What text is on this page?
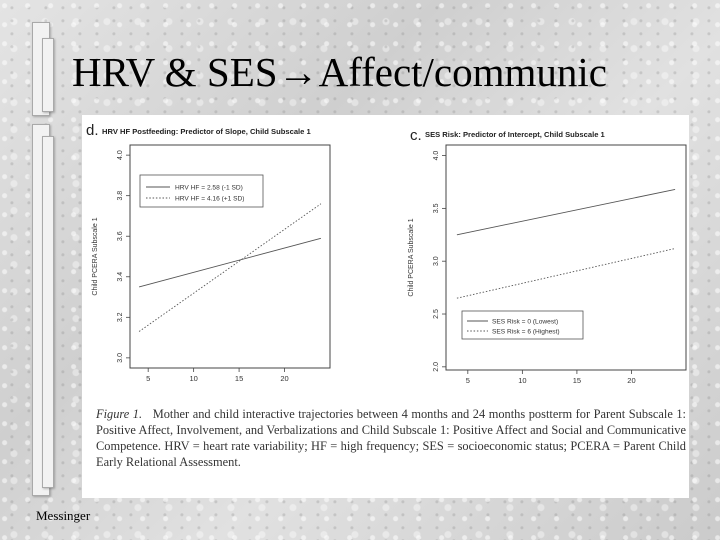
HRV & SES→Affect/communic
d. HRV HF Postfeeding: Predictor of Slope, Child Subscale 1
Child PCERA Subscale 1
3.0
3.2
3.4
3.6
3.8
4.0
5	10	15	20
HRV HF = 2.58 (-1 SD)
HRV HF = 4.16 (+1 SD)
c. SES Risk: Predictor of Intercept, Child Subscale 1
Child PCERA Subscale 1
2.0
2.5
3.0
3.5
4.0
5	10	15	20
SES Risk = 0 (Lowest)
SES Risk = 6 (Highest)
Figure 1. Mother and child interactive trajectories between 4 months and 24 months postterm for Parent Subscale 1: Positive Affect, Involvement, and Verbalizations and Child Subscale 1: Positive Affect and Social and Communicative Competence. HRV = heart rate variability; HF = high frequency; SES = socioeconomic status; PCERA = Parent Child Early Relational Assessment.
Messinger
